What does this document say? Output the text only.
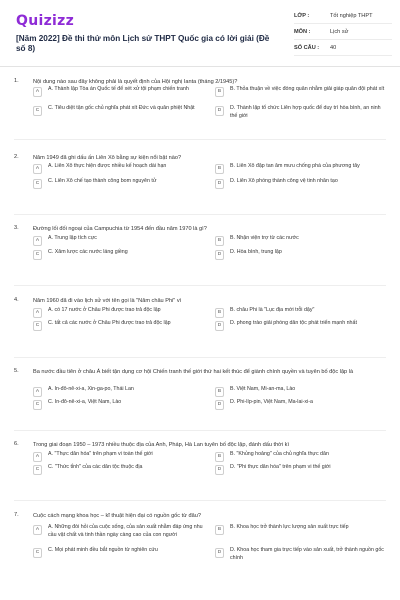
Quizizz
[Năm 2022] Đề thi thử môn Lịch sử THPT Quốc gia có lời giải (Đề số 8)
LỚP :	Tốt nghiệp THPT
MÔN :	Lịch sử
SỐ CÂU :	40
1.	Nội dung nào sau đây không phải là quyết định của Hội nghị Ianta (tháng 2/1945)?
A	A. Thành lập Tòa án Quốc tế để xét xử tội phạm chiến tranh	B	B. Thỏa thuận về việc đóng quân nhằm giải giáp quân đội phát xít
C	C. Tiêu diệt tận gốc chủ nghĩa phát xít Đức và quân phiệt Nhật	D	D. Thành lập tổ chức Liên hợp quốc để duy trì hòa bình, an ninh thế giới
2.	Năm 1949 đã ghi dấu ấn Liên Xô bằng sự kiện nổi bật nào?
A	A. Liên Xô thực hiện được nhiều kế hoạch dài hạn	B	B. Liên Xô đập tan âm mưu chống phá của phương tây
C	C. Liên Xô chế tạo thành công bom nguyên tử	D	D. Liên Xô phóng thành công vệ tinh nhân tạo
3.	Đường lối đối ngoại của Campuchia từ 1954 đến đầu năm 1970 là gì?
A	A. Trung lập tích cực	B	B. Nhận viện trợ từ các nước
C	C. Xâm lược các nước láng giềng	D	D. Hòa bình, trung lập
4.	Năm 1960 đã đi vào lịch sử với tên gọi là "Năm châu Phi" vì
A	A. có 17 nước ở Châu Phi được trao trả độc lập	B	B. châu Phi là "Lục địa mới trỗi dậy"
C	C. tất cả các nước ở Châu Phi được trao trả độc lập	D	D. phong trào giải phóng dân tộc phát triển mạnh nhất
5.	Ba nước đầu tiên ở châu Á biết tận dụng cơ hội Chiến tranh thế giới thứ hai kết thúc để giành chính quyền và tuyên bố độc lập là
A	A. In-đô-nê-xi-a, Xin-ga-po, Thái Lan	B	B. Việt Nam, Mi-an-ma, Lào
C	C. In-đô-nê-xi-a, Việt Nam, Lào	D	D. Phi-líp-pin, Việt Nam, Ma-lai-xi-a
6.	Trong giai đoạn 1950 – 1973 nhiều thuộc địa của Anh, Pháp, Hà Lan tuyên bố độc lập, đánh dấu thời kì
A	A. "Thực dân hóa" trên phạm vi toàn thế giới	B	B. "Khủng hoảng" của chủ nghĩa thực dân
C	C. "Thức tỉnh" của các dân tộc thuộc địa	D	D. "Phi thực dân hóa" trên phạm vi thế giới
7.	Cuộc cách mạng khoa học – kĩ thuật hiện đại có nguồn gốc từ đâu?
A	A. Những đòi hỏi của cuộc sống, của sản xuất nhằm đáp ứng nhu cầu vật chất và tinh thần ngày càng cao của con người
B	B. Khoa học trở thành lực lượng sản xuất trực tiếp
C	C. Mọi phát minh đều bắt nguồn từ nghiên cứu	D	D. Khoa học tham gia trực tiếp vào sản xuất, trở thành nguồn gốc chính
